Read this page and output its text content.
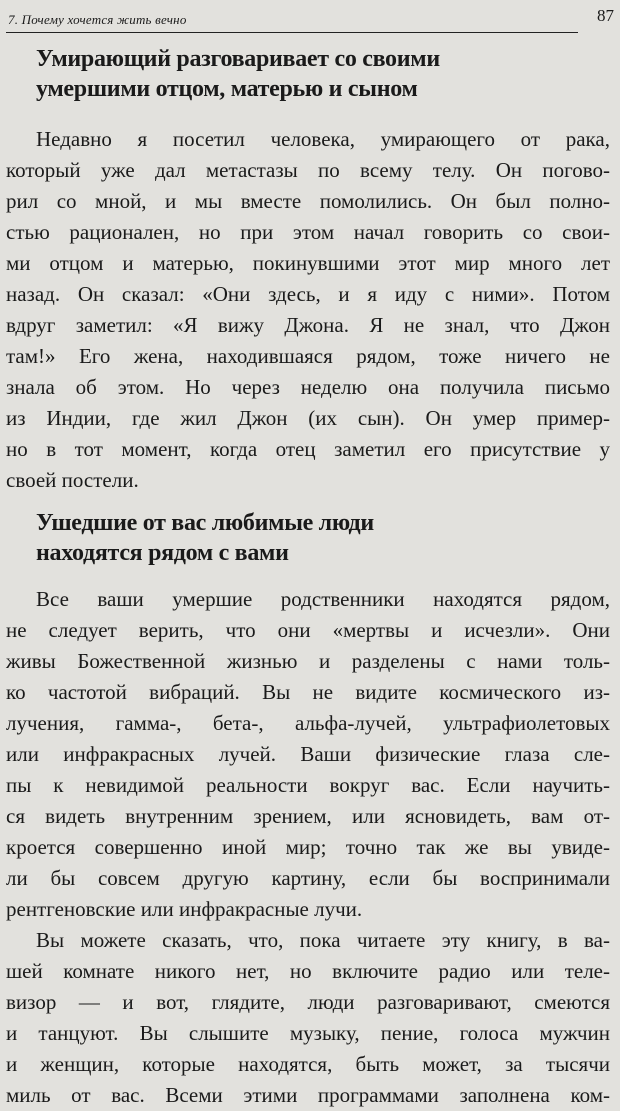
7. Почему хочется жить вечно	87
Умирающий разговаривает со своими
умершими отцом, матерью и сыном
Недавно я посетил человека, умирающего от рака,
который уже дал метастазы по всему телу. Он погово-
рил со мной, и мы вместе помолились. Он был полно-
стью рационален, но при этом начал говорить со свои-
ми отцом и матерью, покинувшими этот мир много лет
назад. Он сказал: «Они здесь, и я иду с ними». Потом
вдруг заметил: «Я вижу Джона. Я не знал, что Джон
там!» Его жена, находившаяся рядом, тоже ничего не
знала об этом. Но через неделю она получила письмо
из Индии, где жил Джон (их сын). Он умер пример-
но в тот момент, когда отец заметил его присутствие у
своей постели.
Ушедшие от вас любимые люди
находятся рядом с вами
Все ваши умершие родственники находятся рядом,
не следует верить, что они «мертвы и исчезли». Они
живы Божественной жизнью и разделены с нами толь-
ко частотой вибраций. Вы не видите космического из-
лучения, гамма-, бета-, альфа-лучей, ультрафиолетовых
или инфракрасных лучей. Ваши физические глаза сле-
пы к невидимой реальности вокруг вас. Если научить-
ся видеть внутренним зрением, или ясновидеть, вам от-
кроется совершенно иной мир; точно так же вы увиде-
ли бы совсем другую картину, если бы воспринимали
рентгеновские или инфракрасные лучи.
Вы можете сказать, что, пока читаете эту книгу, в ва-
шей комнате никого нет, но включите радио или теле-
визор — и вот, глядите, люди разговаривают, смеются
и танцуют. Вы слышите музыку, пение, голоса мужчин
и женщин, которые находятся, быть может, за тысячи
миль от вас. Всеми этими программами заполнена ком-
